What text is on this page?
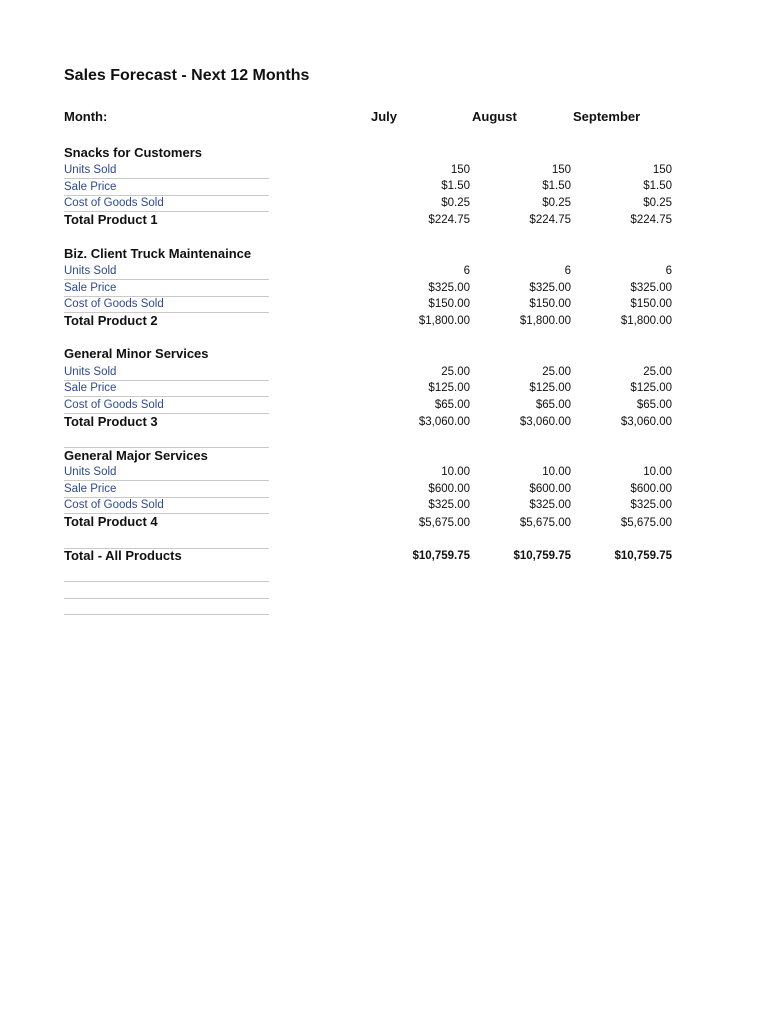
Sales Forecast - Next 12 Months
Month:	July	August	September
Snacks for Customers
Units Sold	150	150	150
Sale Price	$1.50	$1.50	$1.50
Cost of Goods Sold	$0.25	$0.25	$0.25
Total Product 1	$224.75	$224.75	$224.75
Biz. Client Truck Maintenaince
Units Sold	6	6	6
Sale Price	$325.00	$325.00	$325.00
Cost of Goods Sold	$150.00	$150.00	$150.00
Total Product 2	$1,800.00	$1,800.00	$1,800.00
General Minor Services
Units Sold	25.00	25.00	25.00
Sale Price	$125.00	$125.00	$125.00
Cost of Goods Sold	$65.00	$65.00	$65.00
Total Product 3	$3,060.00	$3,060.00	$3,060.00
General Major Services
Units Sold	10.00	10.00	10.00
Sale Price	$600.00	$600.00	$600.00
Cost of Goods Sold	$325.00	$325.00	$325.00
Total Product 4	$5,675.00	$5,675.00	$5,675.00
Total - All Products	$10,759.75	$10,759.75	$10,759.75
